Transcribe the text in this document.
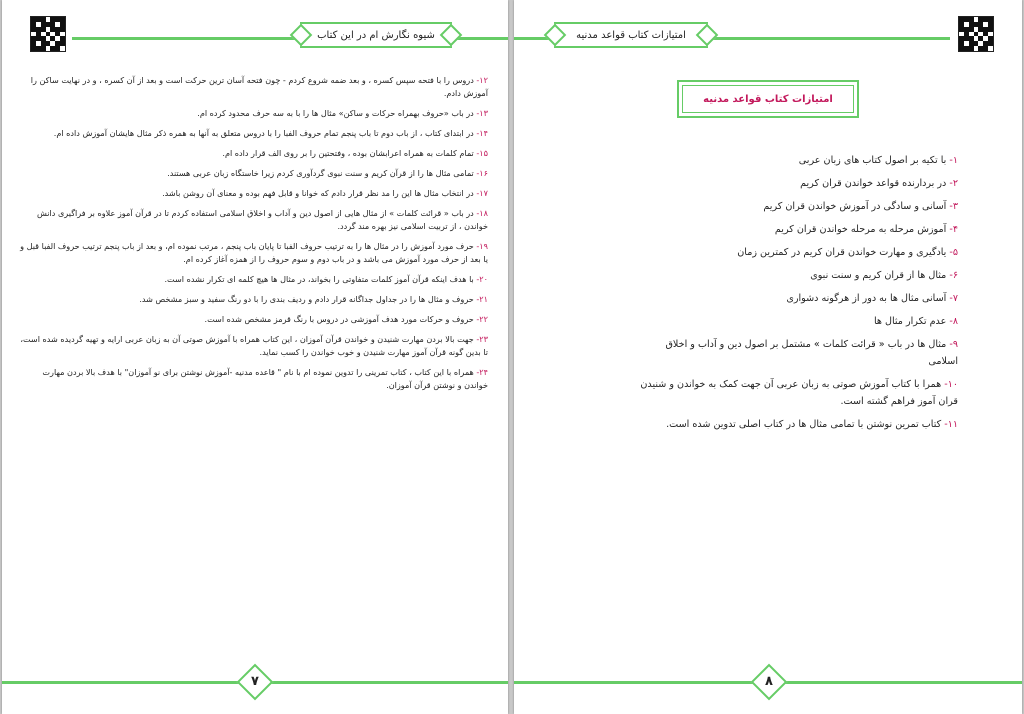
شیوه نگارش ام در این کتاب
۱۲- دروس را با فتحه سپس کسره ، و بعد ضمه شروع کردم - چون فتحه آسان ترین حرکت است و بعد از آن کسره ، و در نهایت ساکن را آموزش دادم.
۱۳- در باب «حروف بهمراه حرکات و ساکن» مثال ها را با به سه حرف محدود کرده ام.
۱۴- در ابتدای کتاب ، از باب دوم تا باب پنجم تمام حروف الفبا را با دروس متعلق به آنها به همره ذکر مثال هایشان آموزش داده ام.
۱۵- تمام کلمات به همراه اعرابشان بوده ، وفتحتین را بر روی الف قرار داده ام.
۱۶- تمامی مثال ها را از قرآن کریم و سنت نبوی گردآوری کردم زیرا خاستگاه زبان عربی هستند.
۱۷- در انتخاب مثال ها این را مد نظر قرار دادم که خوانا و قابل فهم بوده و معنای آن روشن باشد.
۱۸- در باب « قرائت کلمات » از مثال هایی از اصول دین و آداب و اخلاق اسلامی استفاده کردم تا در قرآن آموز علاوه بر فراگیری دانش خواندن ، از تربیت اسلامی نیز بهره مند گردد.
۱۹- حرف مورد آموزش را در مثال ها را به ترتیب حروف الفبا تا پایان باب پنجم ، مرتب نموده ام، و بعد از باب پنجم ترتیب حروف الفبا قبل و یا بعد از حرف مورد آموزش می باشد و در باب دوم و سوم حروف را از همزه آغاز کرده ام.
۲۰- با هدف اینکه قرآن آموز کلمات متفاوتی را بخواند، در مثال ها هیچ کلمه ای تکرار نشده است.
۲۱- حروف و مثال ها را در جداول جداگانه قرار دادم و ردیف بندی را با دو رنگ سفید و سبز مشخص شد.
۲۲- حروف و حرکات مورد هدف آموزشی در دروس با رنگ قرمز مشخص شده است.
۲۳- جهت بالا بردن مهارت شنیدن و خواندن قرآن آموزان ، این کتاب همراه با آموزش صوتی آن به زبان عربی ارایه و تهیه گردیده شده است، تا بدین گونه قرآن آموز مهارت شنیدن و خوب خواندن را کسب نماید.
۲۴- همراه با این کتاب ، کتاب تمرینی را تدوین نموده ام با نام " قاعده مدنیه -آموزش نوشتن برای نو آموزان" با هدف بالا بردن مهارت خواندن و نوشتن قرآن آموزان.
۷
امتیازات کتاب قواعد مدنیه
امتیازات کتاب قواعد مدنیه
۱- با تکیه بر اصول کتاب های زبان عربی
۲- در بردارنده قواعد خواندن قران کریم
۳- آسانی و سادگی در آموزش خواندن قران کریم
۴- آموزش مرحله به مرحله خواندن قران کریم
۵- یادگیری و مهارت خواندن قران کریم در کمترین زمان
۶- مثال ها از قران کریم و سنت نبوی
۷- آسانی مثال ها به دور از هرگونه دشواری
۸- عدم تکرار مثال ها
۹- مثال ها در باب « قرائت کلمات » مشتمل بر اصول دین و آداب و اخلاق اسلامی
۱۰- همرا با کتاب آموزش صوتی به زبان عربی آن جهت کمک به خواندن و شنیدن قران آموز فراهم گشته است.
۱۱- کتاب تمرین نوشتن با تمامی مثال ها در کتاب اصلی تدوین شده است.
۸
